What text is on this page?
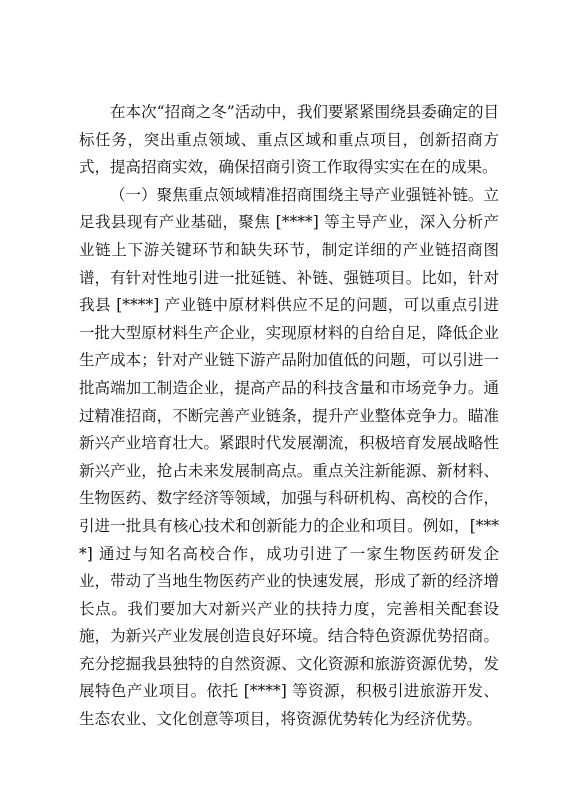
在本次“招商之冬”活动中，我们要紧紧围绕县委确定的目标任务，突出重点领域、重点区域和重点项目，创新招商方式，提高招商实效，确保招商引资工作取得实实在在的成果。

（一）聚焦重点领域精准招商围绕主导产业强链补链。立足我县现有产业基础，聚焦 [****] 等主导产业，深入分析产业链上下游关键环节和缺失环节，制定详细的产业链招商图谱，有针对性地引进一批延链、补链、强链项目。比如，针对我县 [****] 产业链中原材料供应不足的问题，可以重点引进一批大型原材料生产企业，实现原材料的自给自足，降低企业生产成本；针对产业链下游产品附加值低的问题，可以引进一批高端加工制造企业，提高产品的科技含量和市场竞争力。通过精准招商，不断完善产业链条，提升产业整体竞争力。瞄准新兴产业培育壮大。紧跟时代发展潮流，积极培育发展战略性新兴产业，抢占未来发展制高点。重点关注新能源、新材料、生物医药、数字经济等领域，加强与科研机构、高校的合作，引进一批具有核心技术和创新能力的企业和项目。例如，[****] 通过与知名高校合作，成功引进了一家生物医药研发企业，带动了当地生物医药产业的快速发展，形成了新的经济增长点。我们要加大对新兴产业的扶持力度，完善相关配套设施，为新兴产业发展创造良好环境。结合特色资源优势招商。充分挖掘我县独特的自然资源、文化资源和旅游资源优势，发展特色产业项目。依托 [****] 等资源，积极引进旅游开发、生态农业、文化创意等项目，将资源优势转化为经济优势。
